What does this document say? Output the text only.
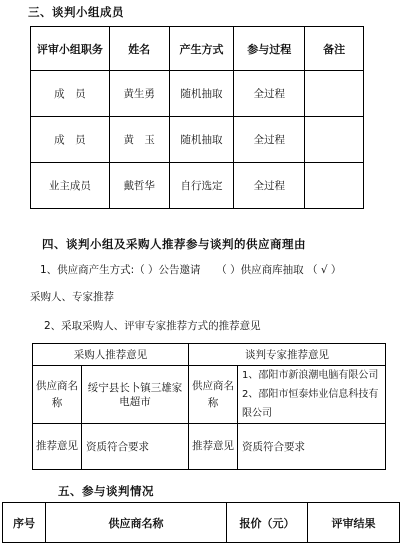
三、谈判小组成员
评审小组职务	姓名	产生方式	参与过程	备注
成　员	黄生勇	随机抽取	全过程	
成　员	黄　玉	随机抽取	全过程	
业主成员	戴哲华	自行选定	全过程	
四、谈判小组及采购人推荐参与谈判的供应商理由
1、供应商产生方式:（ ）公告邀请　　（ ）供应商库抽取 （ √ ）
采购人、专家推荐
2、采取采购人、评审专家推荐方式的推荐意见
采购人推荐意见		谈判专家推荐意见	
供应商名称	绥宁县长卜镇三雄家电超市	供应商名称	1、邵阳市新浪潮电脑有限公司
2、邵阳市恒泰炜业信息科技有限公司

推荐意见	资质符合要求	推荐意见	资质符合要求
五、参与谈判情况
序号	供应商名称	报价（元）	评审结果
